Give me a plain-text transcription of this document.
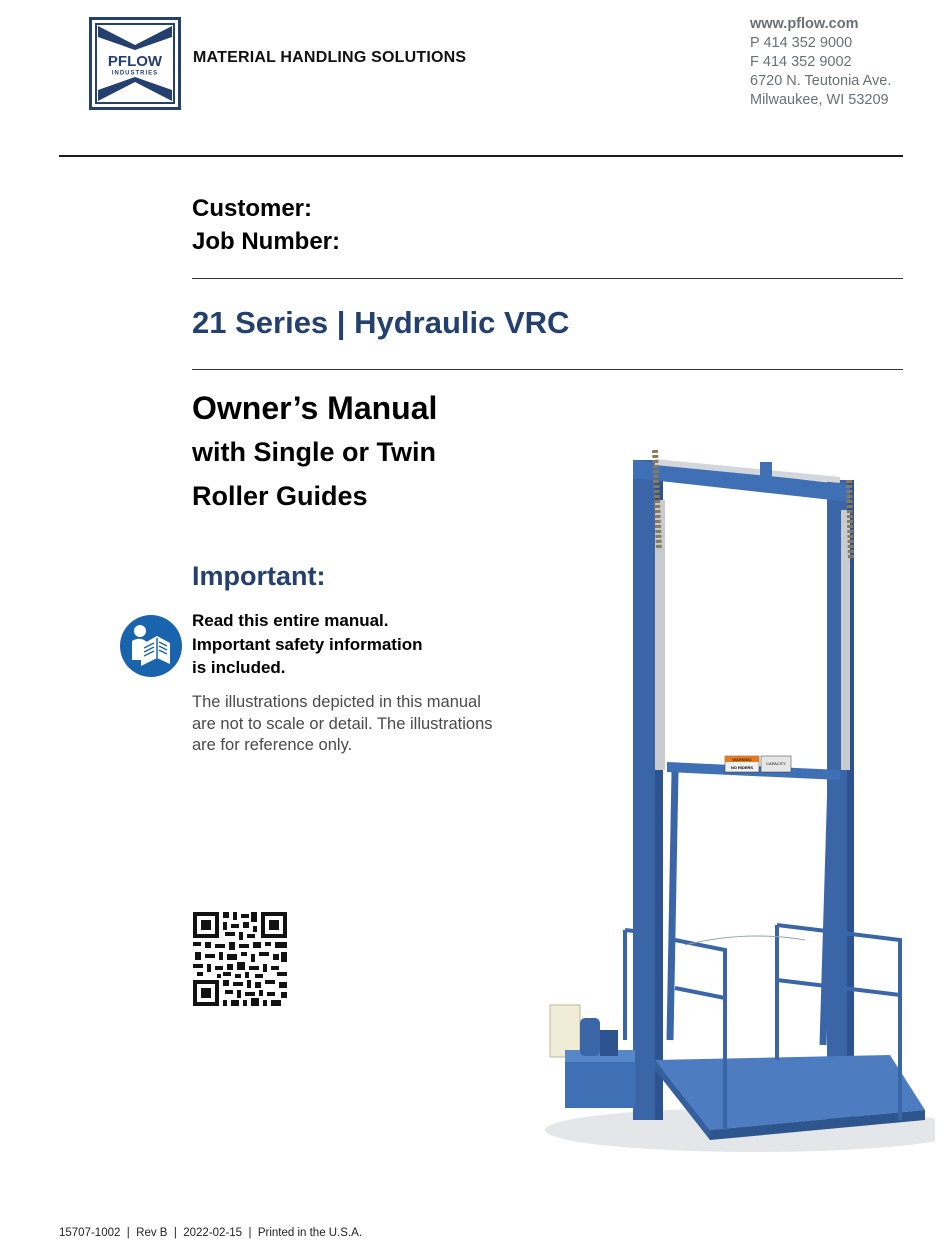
PFLOW
INDUSTRIES
MATERIAL HANDLING SOLUTIONS
www.pflow.com
P 414 352 9000
F 414 352 9002
6720 N. Teutonia Ave.
Milwaukee, WI 53209
Customer:
Job Number:
21 Series | Hydraulic VRC
Owner’s Manual
with Single or Twin
Roller Guides
Important:
Read this entire manual.
Important safety information
is included.
The illustrations depicted in this manual
are not to scale or detail. The illustrations
are for reference only.
WARNING
NO RIDERS
CAPACITY
15707-1002  |  Rev B  |  2022-02-15  |  Printed in the U.S.A.
